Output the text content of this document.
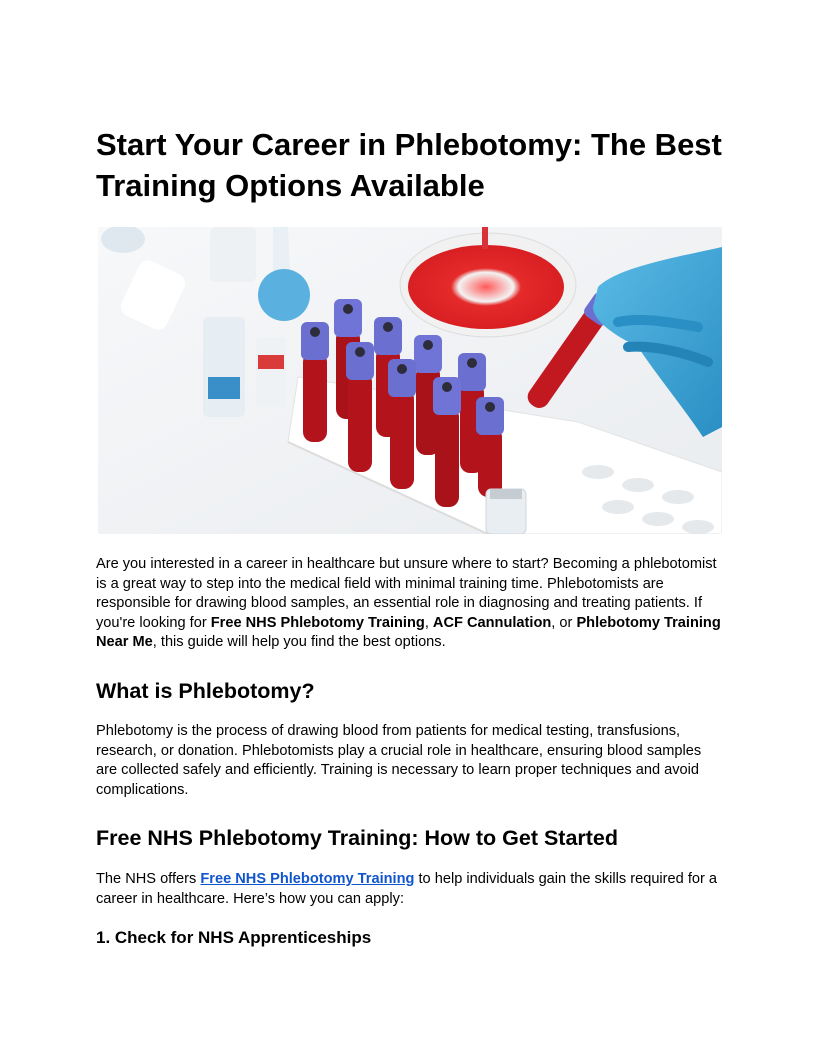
Start Your Career in Phlebotomy: The Best Training Options Available

Are you interested in a career in healthcare but unsure where to start? Becoming a phlebotomist is a great way to step into the medical field with minimal training time. Phlebotomists are responsible for drawing blood samples, an essential role in diagnosing and treating patients. If you're looking for Free NHS Phlebotomy Training, ACF Cannulation, or Phlebotomy Training Near Me, this guide will help you find the best options.

What is Phlebotomy?

Phlebotomy is the process of drawing blood from patients for medical testing, transfusions, research, or donation. Phlebotomists play a crucial role in healthcare, ensuring blood samples are collected safely and efficiently. Training is necessary to learn proper techniques and avoid complications.

Free NHS Phlebotomy Training: How to Get Started

The NHS offers Free NHS Phlebotomy Training to help individuals gain the skills required for a career in healthcare. Here’s how you can apply:

1. Check for NHS Apprenticeships
